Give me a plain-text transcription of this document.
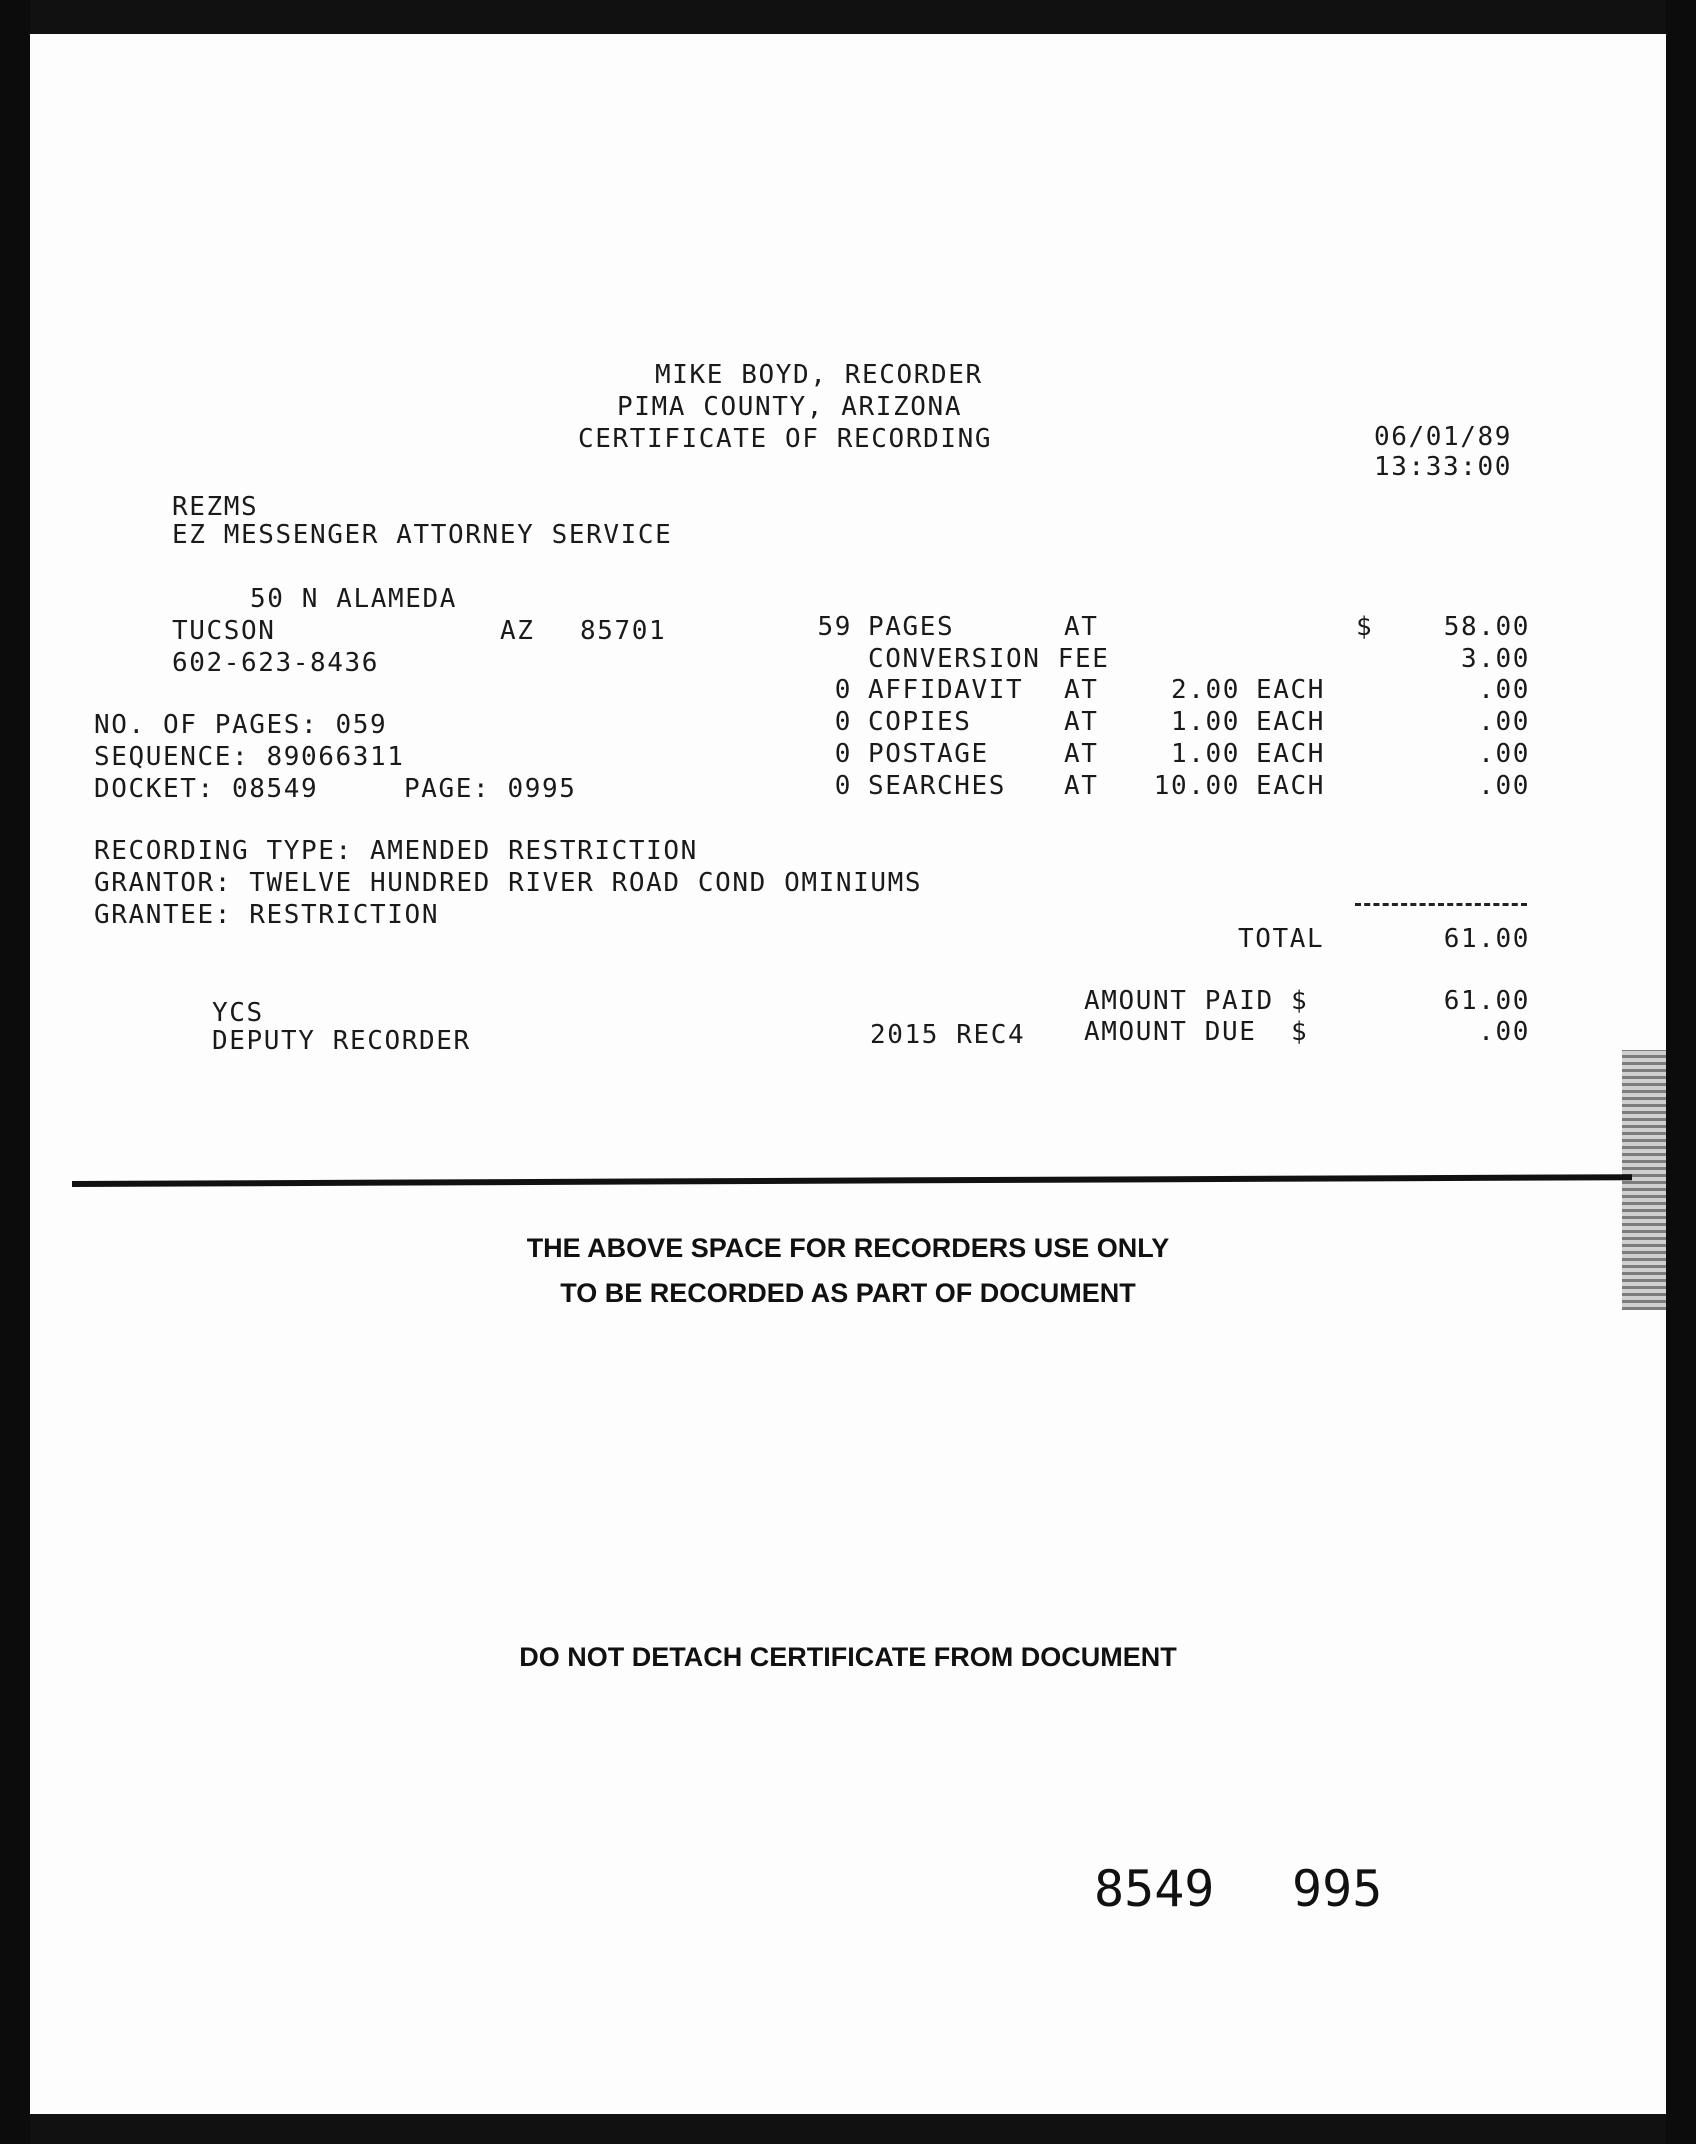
MIKE BOYD, RECORDER
PIMA COUNTY, ARIZONA
CERTIFICATE OF RECORDING	06/01/89
13:33:00
REZMS
EZ MESSENGER ATTORNEY SERVICE
50 N ALAMEDA
TUCSON	AZ 85701
602-623-8436
59 PAGES	AT	$	58.00
CONVERSION FEE	3.00
0 AFFIDAVIT AT	2.00 EACH	.00
0 COPIES	AT	1.00 EACH	.00
0 POSTAGE	AT	1.00 EACH	.00
0 SEARCHES AT	10.00 EACH	.00
NO. OF PAGES: 059
SEQUENCE: 89066311
DOCKET: 08549	PAGE: 0995
RECORDING TYPE: AMENDED RESTRICTION
GRANTOR: TWELVE HUNDRED RIVER ROAD COND OMINIUMS
GRANTEE: RESTRICTION
TOTAL	61.00
AMOUNT PAID $	61.00
AMOUNT DUE  $	.00
YCS
DEPUTY RECORDER	2015 REC4
THE ABOVE SPACE FOR RECORDERS USE ONLY
TO BE RECORDED AS PART OF DOCUMENT
DO NOT DETACH CERTIFICATE FROM DOCUMENT
8549 995
